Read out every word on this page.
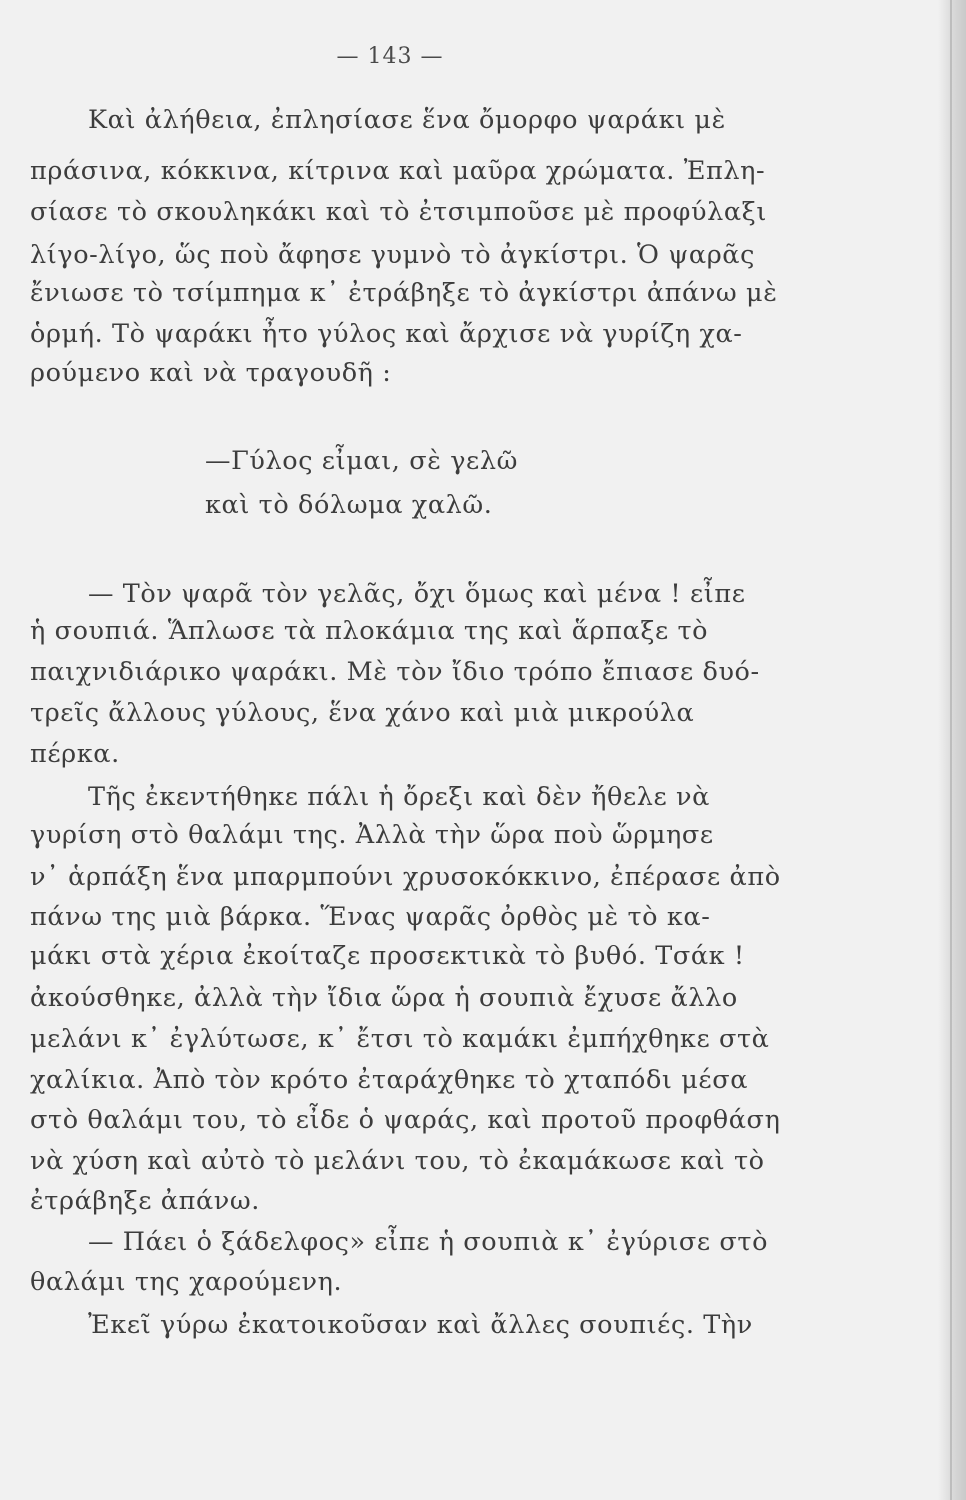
— 143 —
Καὶ ἀλήθεια, ἐπλησίασε ἕνα ὄμορφο ψαράκι μὲ
πράσινα, κόκκινα, κίτρινα καὶ μαῦρα χρώματα. Ἐπλη-
σίασε τὸ σκουληκάκι καὶ τὸ ἐτσιμποῦσε μὲ προφύλαξι
λίγο-λίγο, ὥς ποὺ ἄφησε γυμνὸ τὸ ἀγκίστρι. Ὁ ψαρᾶς
ἔνιωσε τὸ τσίμπημα κ᾿ ἐτράβηξε τὸ ἀγκίστρι ἀπάνω μὲ
ὁρμή. Τὸ ψαράκι ἦτο γύλος καὶ ἄρχισε νὰ γυρίζη χα-
ρούμενο καὶ νὰ τραγουδῆ :
—Γύλος εἶμαι, σὲ γελῶ
καὶ τὸ δόλωμα χαλῶ.
— Τὸν ψαρᾶ τὸν γελᾶς, ὄχι ὅμως καὶ μένα ! εἶπε
ἡ σουπιά. Ἅπλωσε τὰ πλοκάμια της καὶ ἅρπαξε τὸ
παιχνιδιάρικο ψαράκι. Μὲ τὸν ἴδιο τρόπο ἔπιασε δυό-
τρεῖς ἄλλους γύλους, ἕνα χάνο καὶ μιὰ μικρούλα
πέρκα.
Τῆς ἐκεντήθηκε πάλι ἡ ὄρεξι καὶ δὲν ἤθελε νὰ
γυρίση στὸ θαλάμι της. Ἀλλὰ τὴν ὥρα ποὺ ὥρμησε
ν᾿ ἁρπάξη ἕνα μπαρμπούνι χρυσοκόκκινο, ἐπέρασε ἀπὸ
πάνω της μιὰ βάρκα. Ἕνας ψαρᾶς ὀρθὸς μὲ τὸ κα-
μάκι στὰ χέρια ἐκοίταζε προσεκτικὰ τὸ βυθό. Τσάκ !
ἀκούσθηκε, ἀλλὰ τὴν ἴδια ὥρα ἡ σουπιὰ ἔχυσε ἄλλο
μελάνι κ᾿ ἐγλύτωσε, κ᾿ ἔτσι τὸ καμάκι ἐμπήχθηκε στὰ
χαλίκια. Ἀπὸ τὸν κρότο ἐταράχθηκε τὸ χταπόδι μέσα
στὸ θαλάμι του, τὸ εἶδε ὁ ψαράς, καὶ προτοῦ προφθάση
νὰ χύση καὶ αὐτὸ τὸ μελάνι του, τὸ ἐκαμάκωσε καὶ τὸ
ἐτράβηξε ἀπάνω.
— Πάει ὁ ξάδελφος» εἶπε ἡ σουπιὰ κ᾿ ἐγύρισε στὸ
θαλάμι της χαρούμενη.
Ἐκεῖ γύρω ἐκατοικοῦσαν καὶ ἄλλες σουπιές. Τὴν
